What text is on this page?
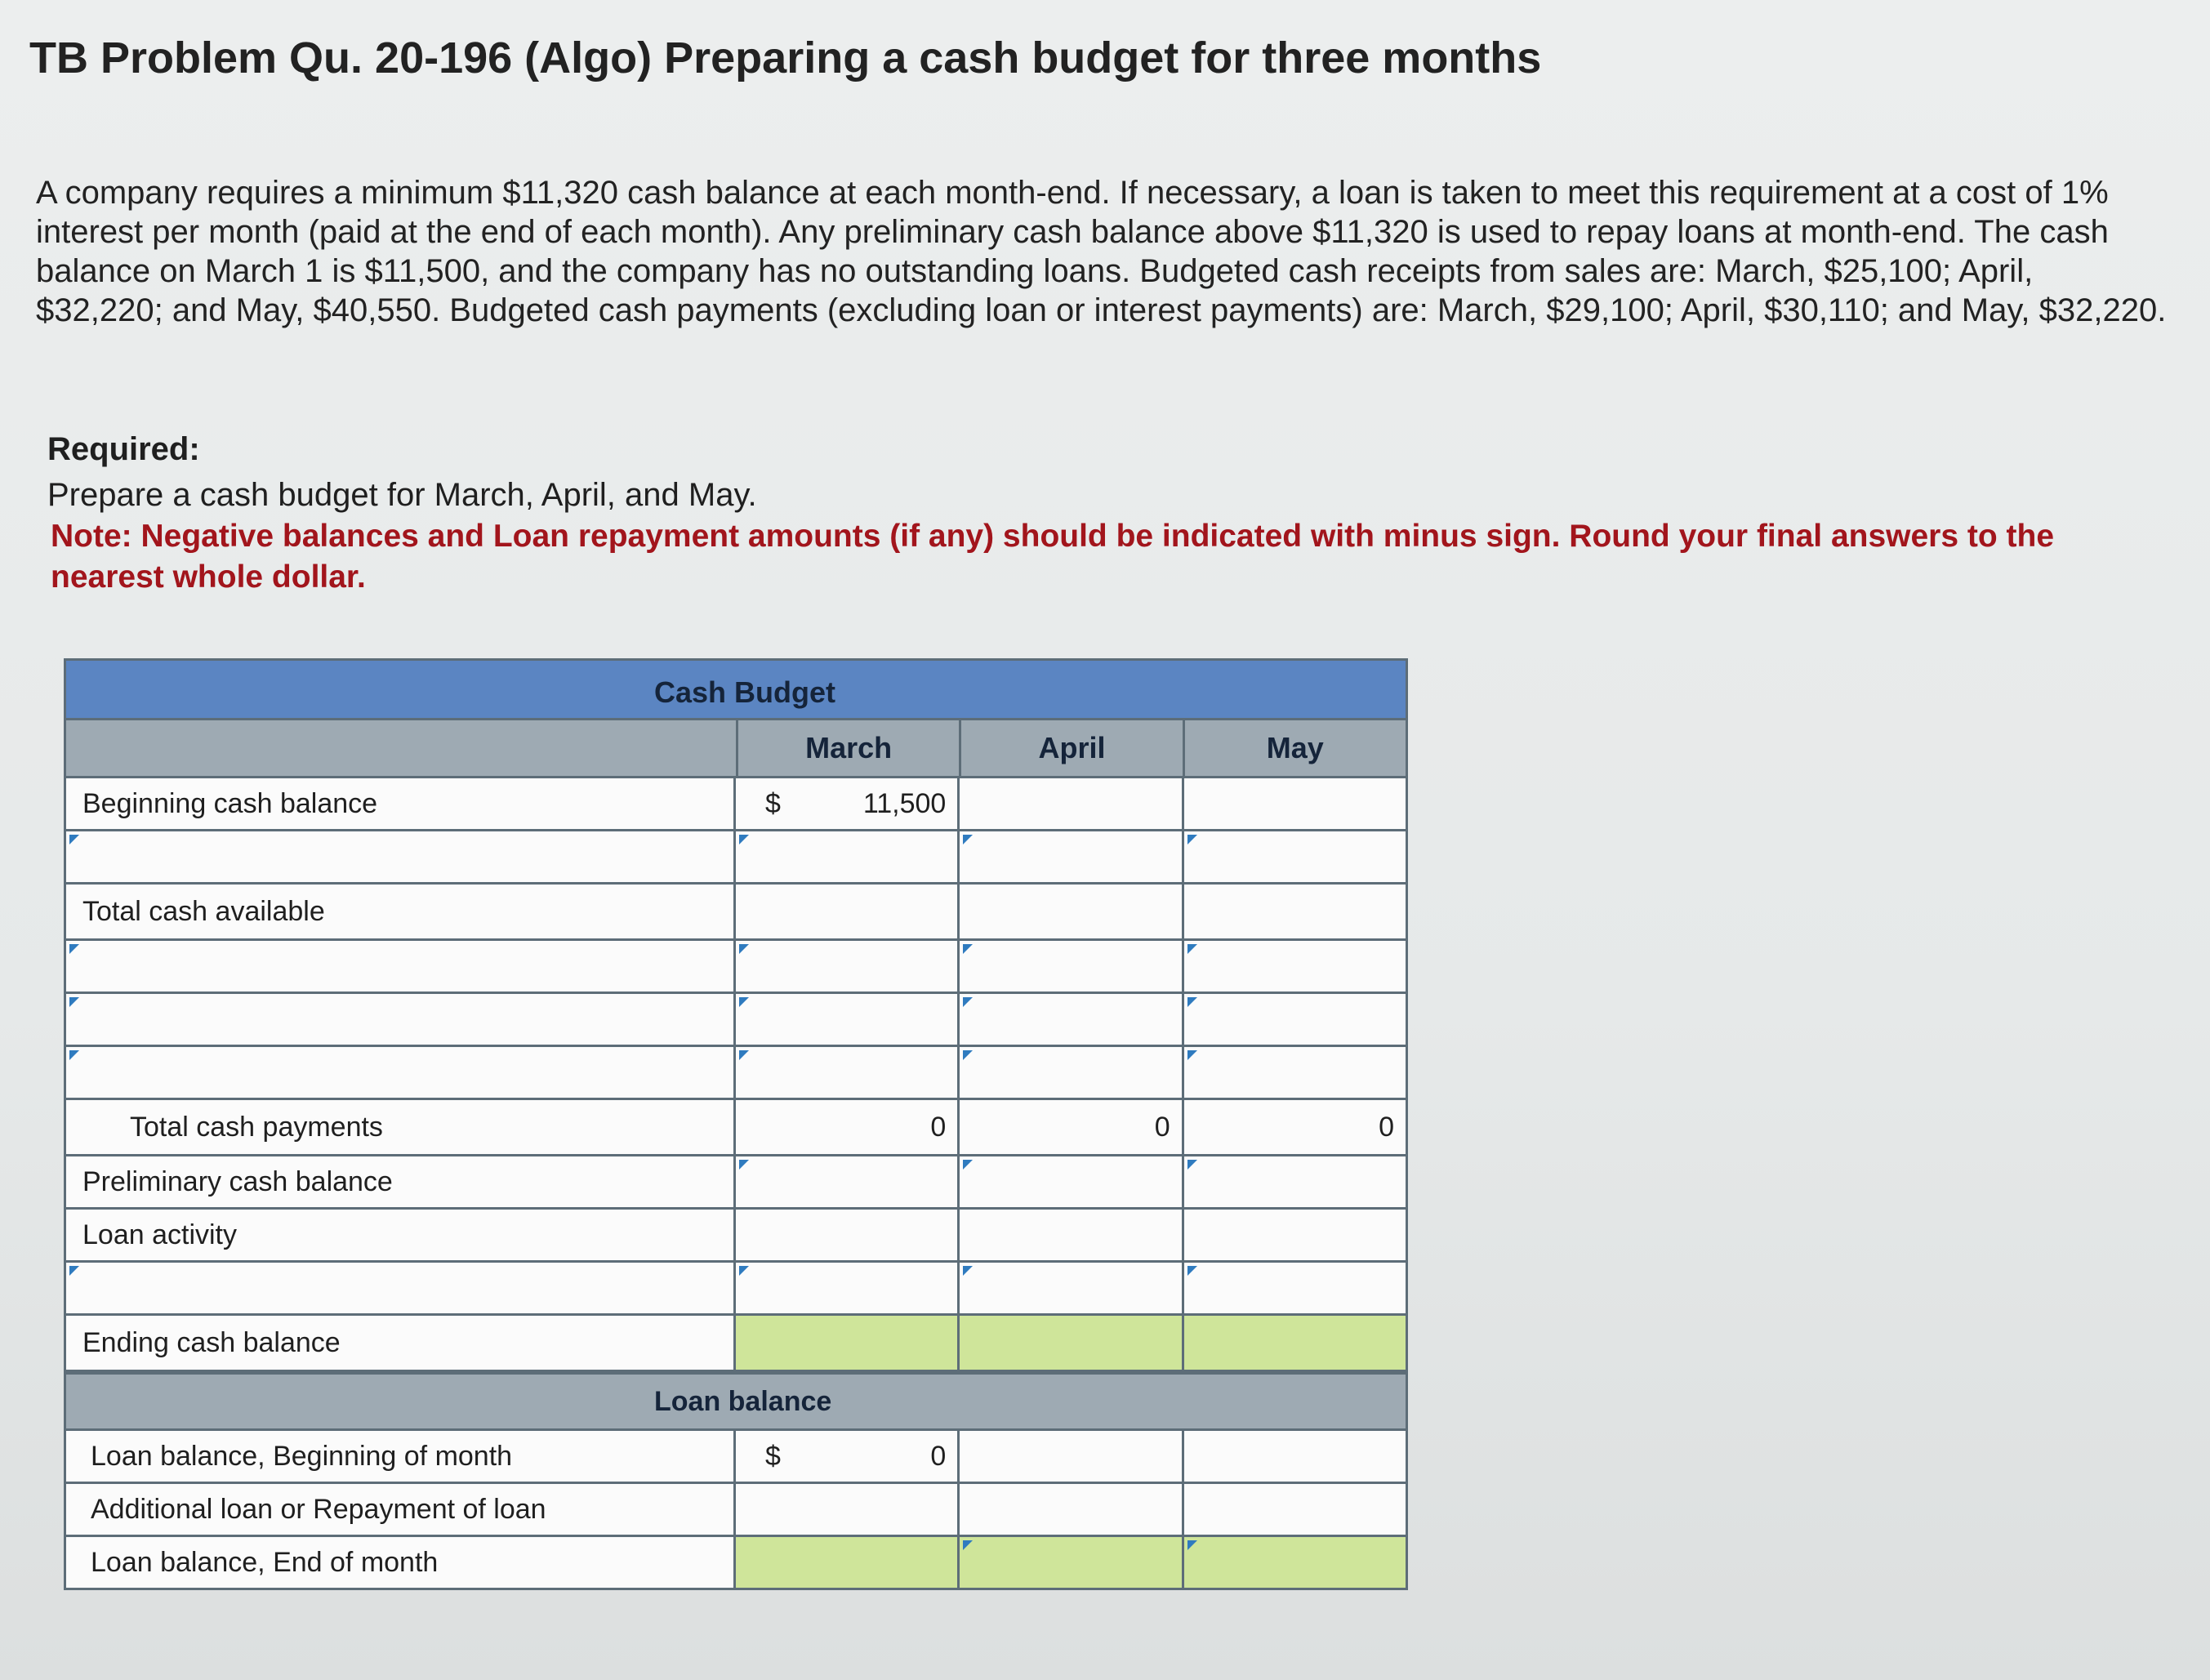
TB Problem Qu. 20-196 (Algo) Preparing a cash budget for three months

A company requires a minimum $11,320 cash balance at each month-end. If necessary, a loan is taken to meet this requirement at a cost of 1% interest per month (paid at the end of each month). Any preliminary cash balance above $11,320 is used to repay loans at month-end. The cash balance on March 1 is $11,500, and the company has no outstanding loans. Budgeted cash receipts from sales are: March, $25,100; April, $32,220; and May, $40,550. Budgeted cash payments (excluding loan or interest payments) are: March, $29,100; April, $30,110; and May, $32,220.

Required:

Prepare a cash budget for March, April, and May.

Note: Negative balances and Loan repayment amounts (if any) should be indicated with minus sign. Round your final answers to the nearest whole dollar.

Cash Budget
March	April	May
Beginning cash balance	$	11,500
Total cash available
Total cash payments	0	0	0
Preliminary cash balance
Loan activity
Ending cash balance
Loan balance
Loan balance, Beginning of month	$	0
Additional loan or Repayment of loan
Loan balance, End of month
